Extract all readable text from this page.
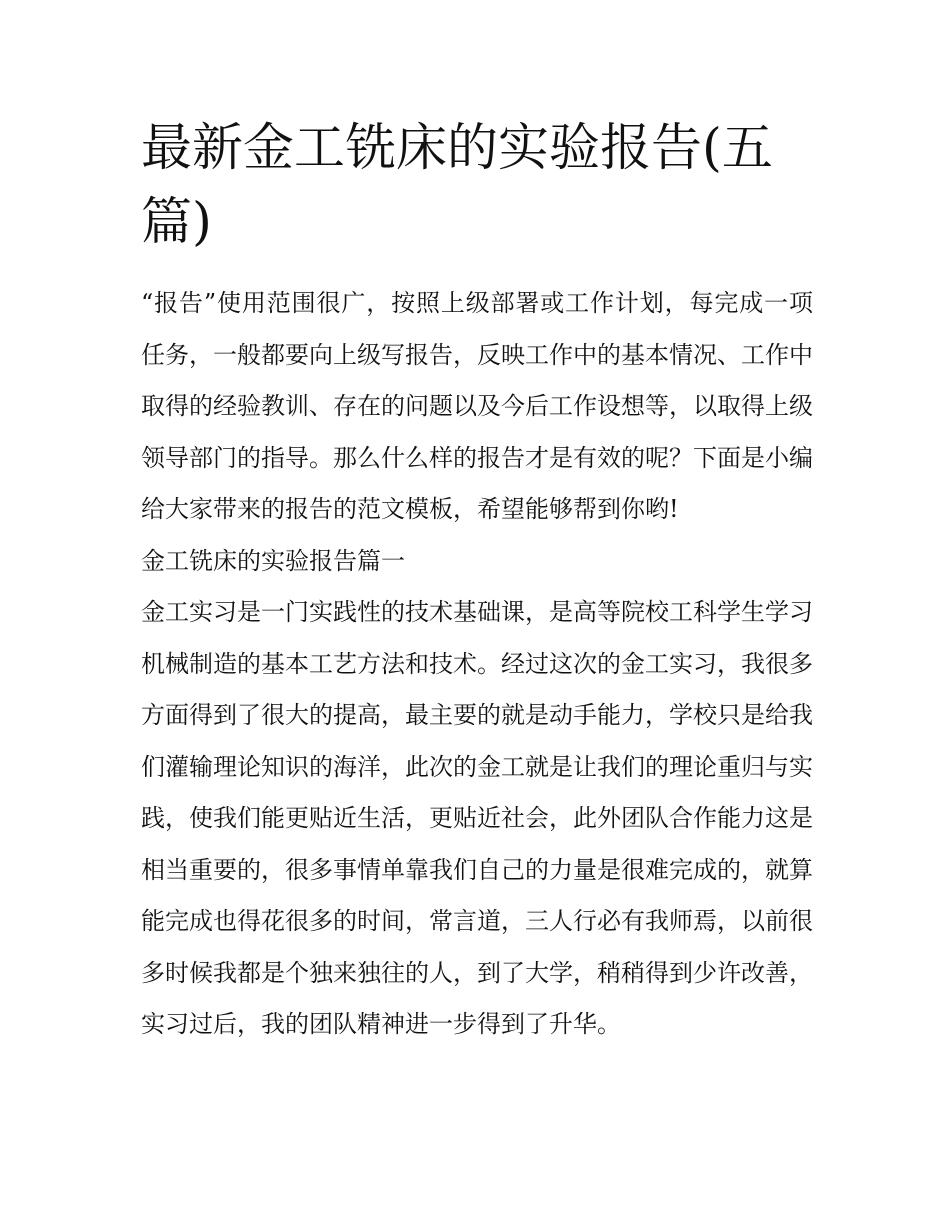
最新金工铣床的实验报告(五篇)

“报告”使用范围很广，按照上级部署或工作计划，每完成一项任务，一般都要向上级写报告，反映工作中的基本情况、工作中取得的经验教训、存在的问题以及今后工作设想等，以取得上级领导部门的指导。那么什么样的报告才是有效的呢？下面是小编给大家带来的报告的范文模板，希望能够帮到你哟!

金工铣床的实验报告篇一

金工实习是一门实践性的技术基础课，是高等院校工科学生学习机械制造的基本工艺方法和技术。经过这次的金工实习，我很多方面得到了很大的提高，最主要的就是动手能力，学校只是给我们灌输理论知识的海洋，此次的金工就是让我们的理论重归与实践，使我们能更贴近生活，更贴近社会，此外团队合作能力这是相当重要的，很多事情单靠我们自己的力量是很难完成的，就算能完成也得花很多的时间，常言道，三人行必有我师焉，以前很多时候我都是个独来独往的人，到了大学，稍稍得到少许改善，实习过后，我的团队精神进一步得到了升华。
